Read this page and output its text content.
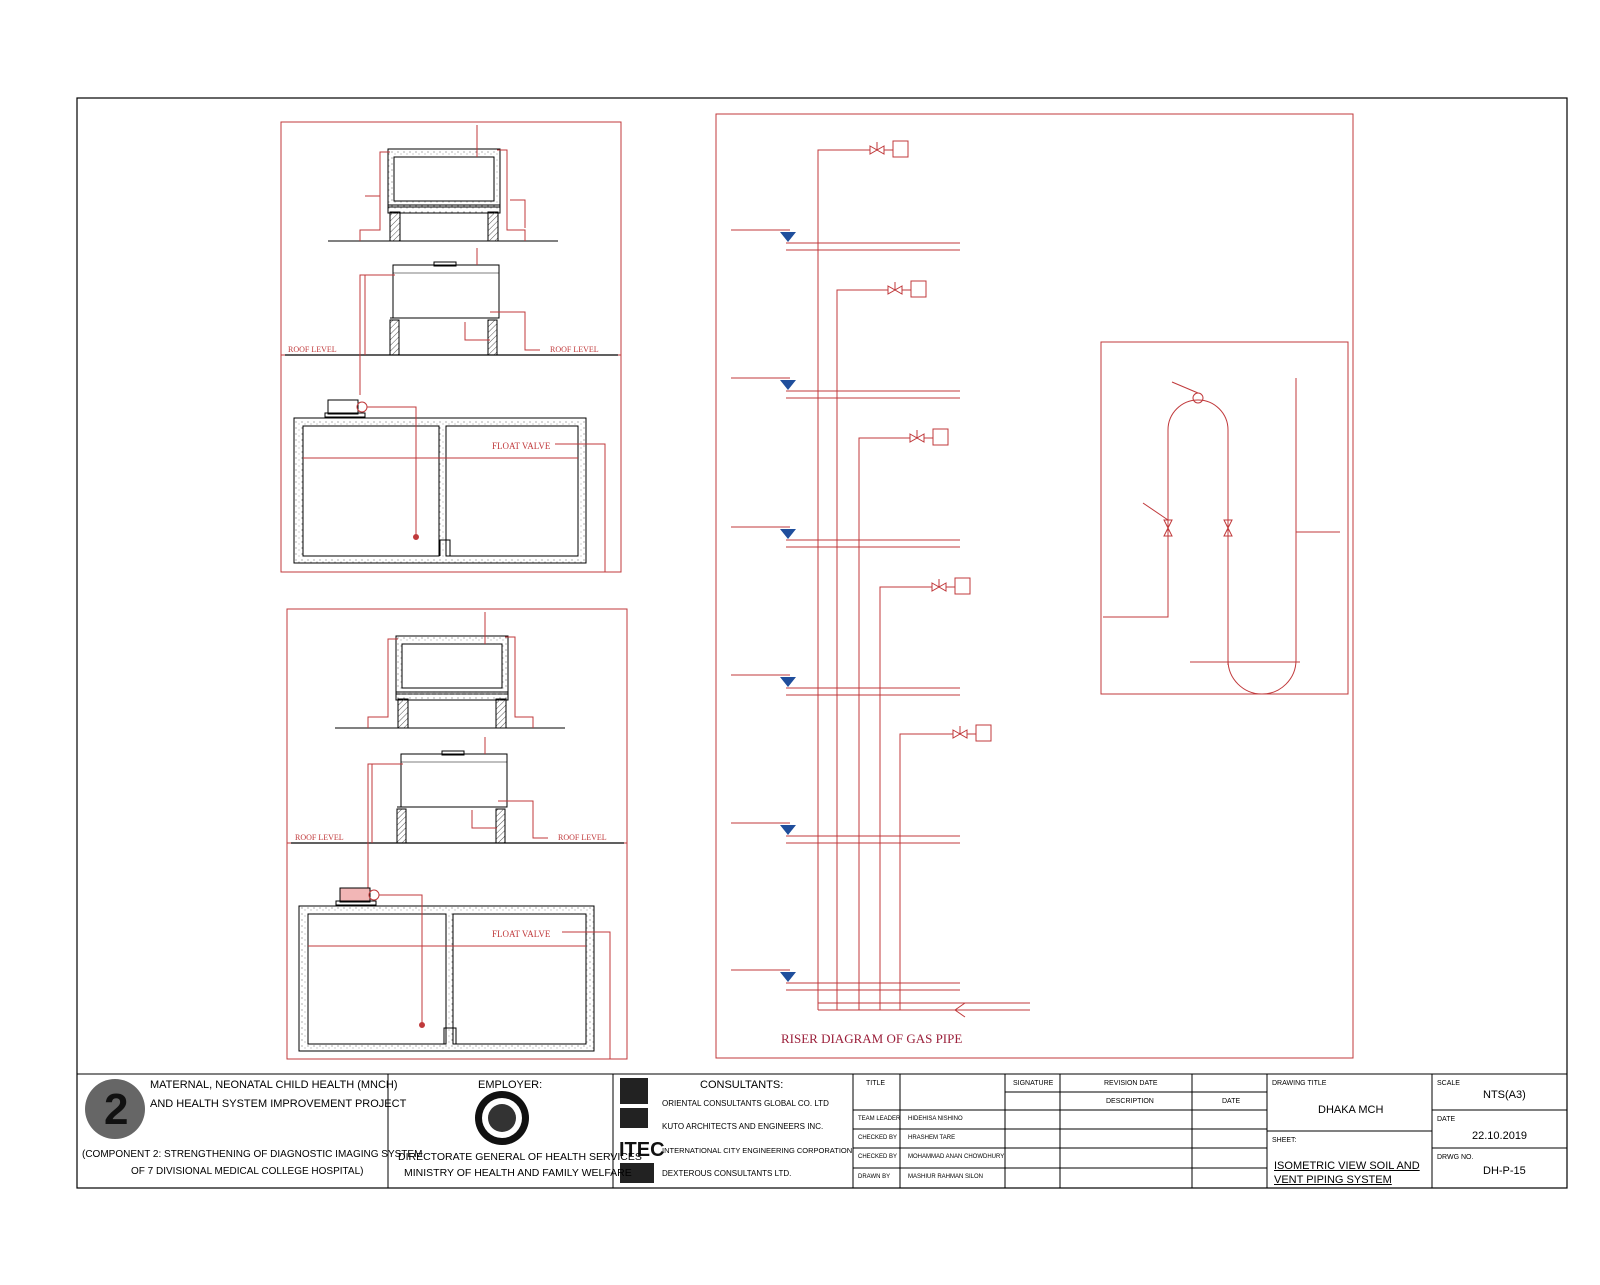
ROOF LEVEL	ROOF LEVEL
FLOAT VALVE
ROOF LEVEL	ROOF LEVEL
FLOAT VALVE
RISER DIAGRAM OF GAS PIPE
2
ITEC
MATERNAL, NEONATAL CHILD HEALTH (MNCH)
AND HEALTH SYSTEM IMPROVEMENT PROJECT
(COMPONENT 2: STRENGTHENING OF DIAGNOSTIC IMAGING SYSTEM
OF 7 DIVISIONAL MEDICAL COLLEGE HOSPITAL)
EMPLOYER:
DIRECTORATE GENERAL OF HEALTH SERVICES
MINISTRY OF HEALTH AND FAMILY WELFARE
CONSULTANTS:
ORIENTAL CONSULTANTS GLOBAL CO. LTD
KUTO ARCHITECTS AND ENGINEERS INC.
INTERNATIONAL CITY ENGINEERING CORPORATION
DEXTEROUS CONSULTANTS LTD.
TITLE	SIGNATURE	REVISION DATE
DESCRIPTION	DATE
TEAM LEADER HIDEHISA NISHINO
CHECKED BY HRASHEM TARE
CHECKED BY MOHAMMAD ANAN CHOWDHURY
DRAWN BY	MASHIUR RAHMAN SILON
DRAWING TITLE
DHAKA MCH
SHEET:
ISOMETRIC VIEW SOIL AND
VENT PIPING SYSTEM
SCALE
NTS(A3)
DATE
22.10.2019
DRWG NO.
DH-P-15
